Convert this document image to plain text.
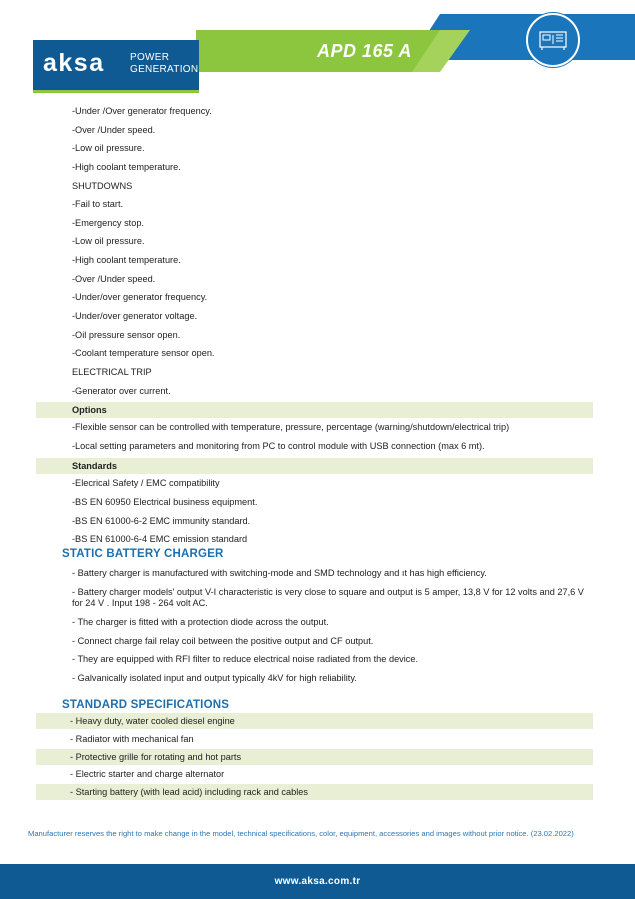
aksa	POWER
GENERATION
APD 165 A
-Under /Over generator frequency.
-Over /Under speed.
-Low oil pressure.
-High coolant temperature.
SHUTDOWNS
-Fail to start.
-Emergency stop.
-Low oil pressure.
-High coolant temperature.
-Over /Under speed.
-Under/over generator frequency.
-Under/over generator voltage.
-Oil pressure sensor open.
-Coolant temperature sensor open.
ELECTRICAL TRIP
-Generator over current.
Options
-Flexible sensor can be controlled with temperature, pressure, percentage (warning/shutdown/electrical trip)
-Local setting parameters and monitoring from PC to control module with USB connection (max 6 mt).
Standards
-Elecrical Safety / EMC compatibility
-BS EN 60950 Electrical business equipment.
-BS EN 61000-6-2 EMC immunity standard.
-BS EN 61000-6-4 EMC emission standard
STATIC BATTERY CHARGER
- Battery charger is manufactured with switching-mode and SMD technology and ıt has high efficiency.
- Battery charger models' output V-I characteristic is very close to square and output is 5 amper, 13,8 V for 12 volts and 27,6 V for 24 V . Input 198 - 264 volt AC.
- The charger is fitted with a protection diode across the output.
- Connect charge fail relay coil between the positive output and CF output.
- They are equipped with RFI filter to reduce electrical noise radiated from the device.
- Galvanically isolated input and output typically 4kV for high reliability.
STANDARD SPECIFICATIONS
- Heavy duty, water cooled diesel engine
- Radiator with mechanical fan
- Protective grille for rotating and hot parts
- Electric starter and charge alternator
- Starting battery (with lead acid) including rack and cables
Manufacturer reserves the right to make change in the model, technical specifications, color, equipment, accessories and images without prior notice. (23.02.2022)
www.aksa.com.tr
